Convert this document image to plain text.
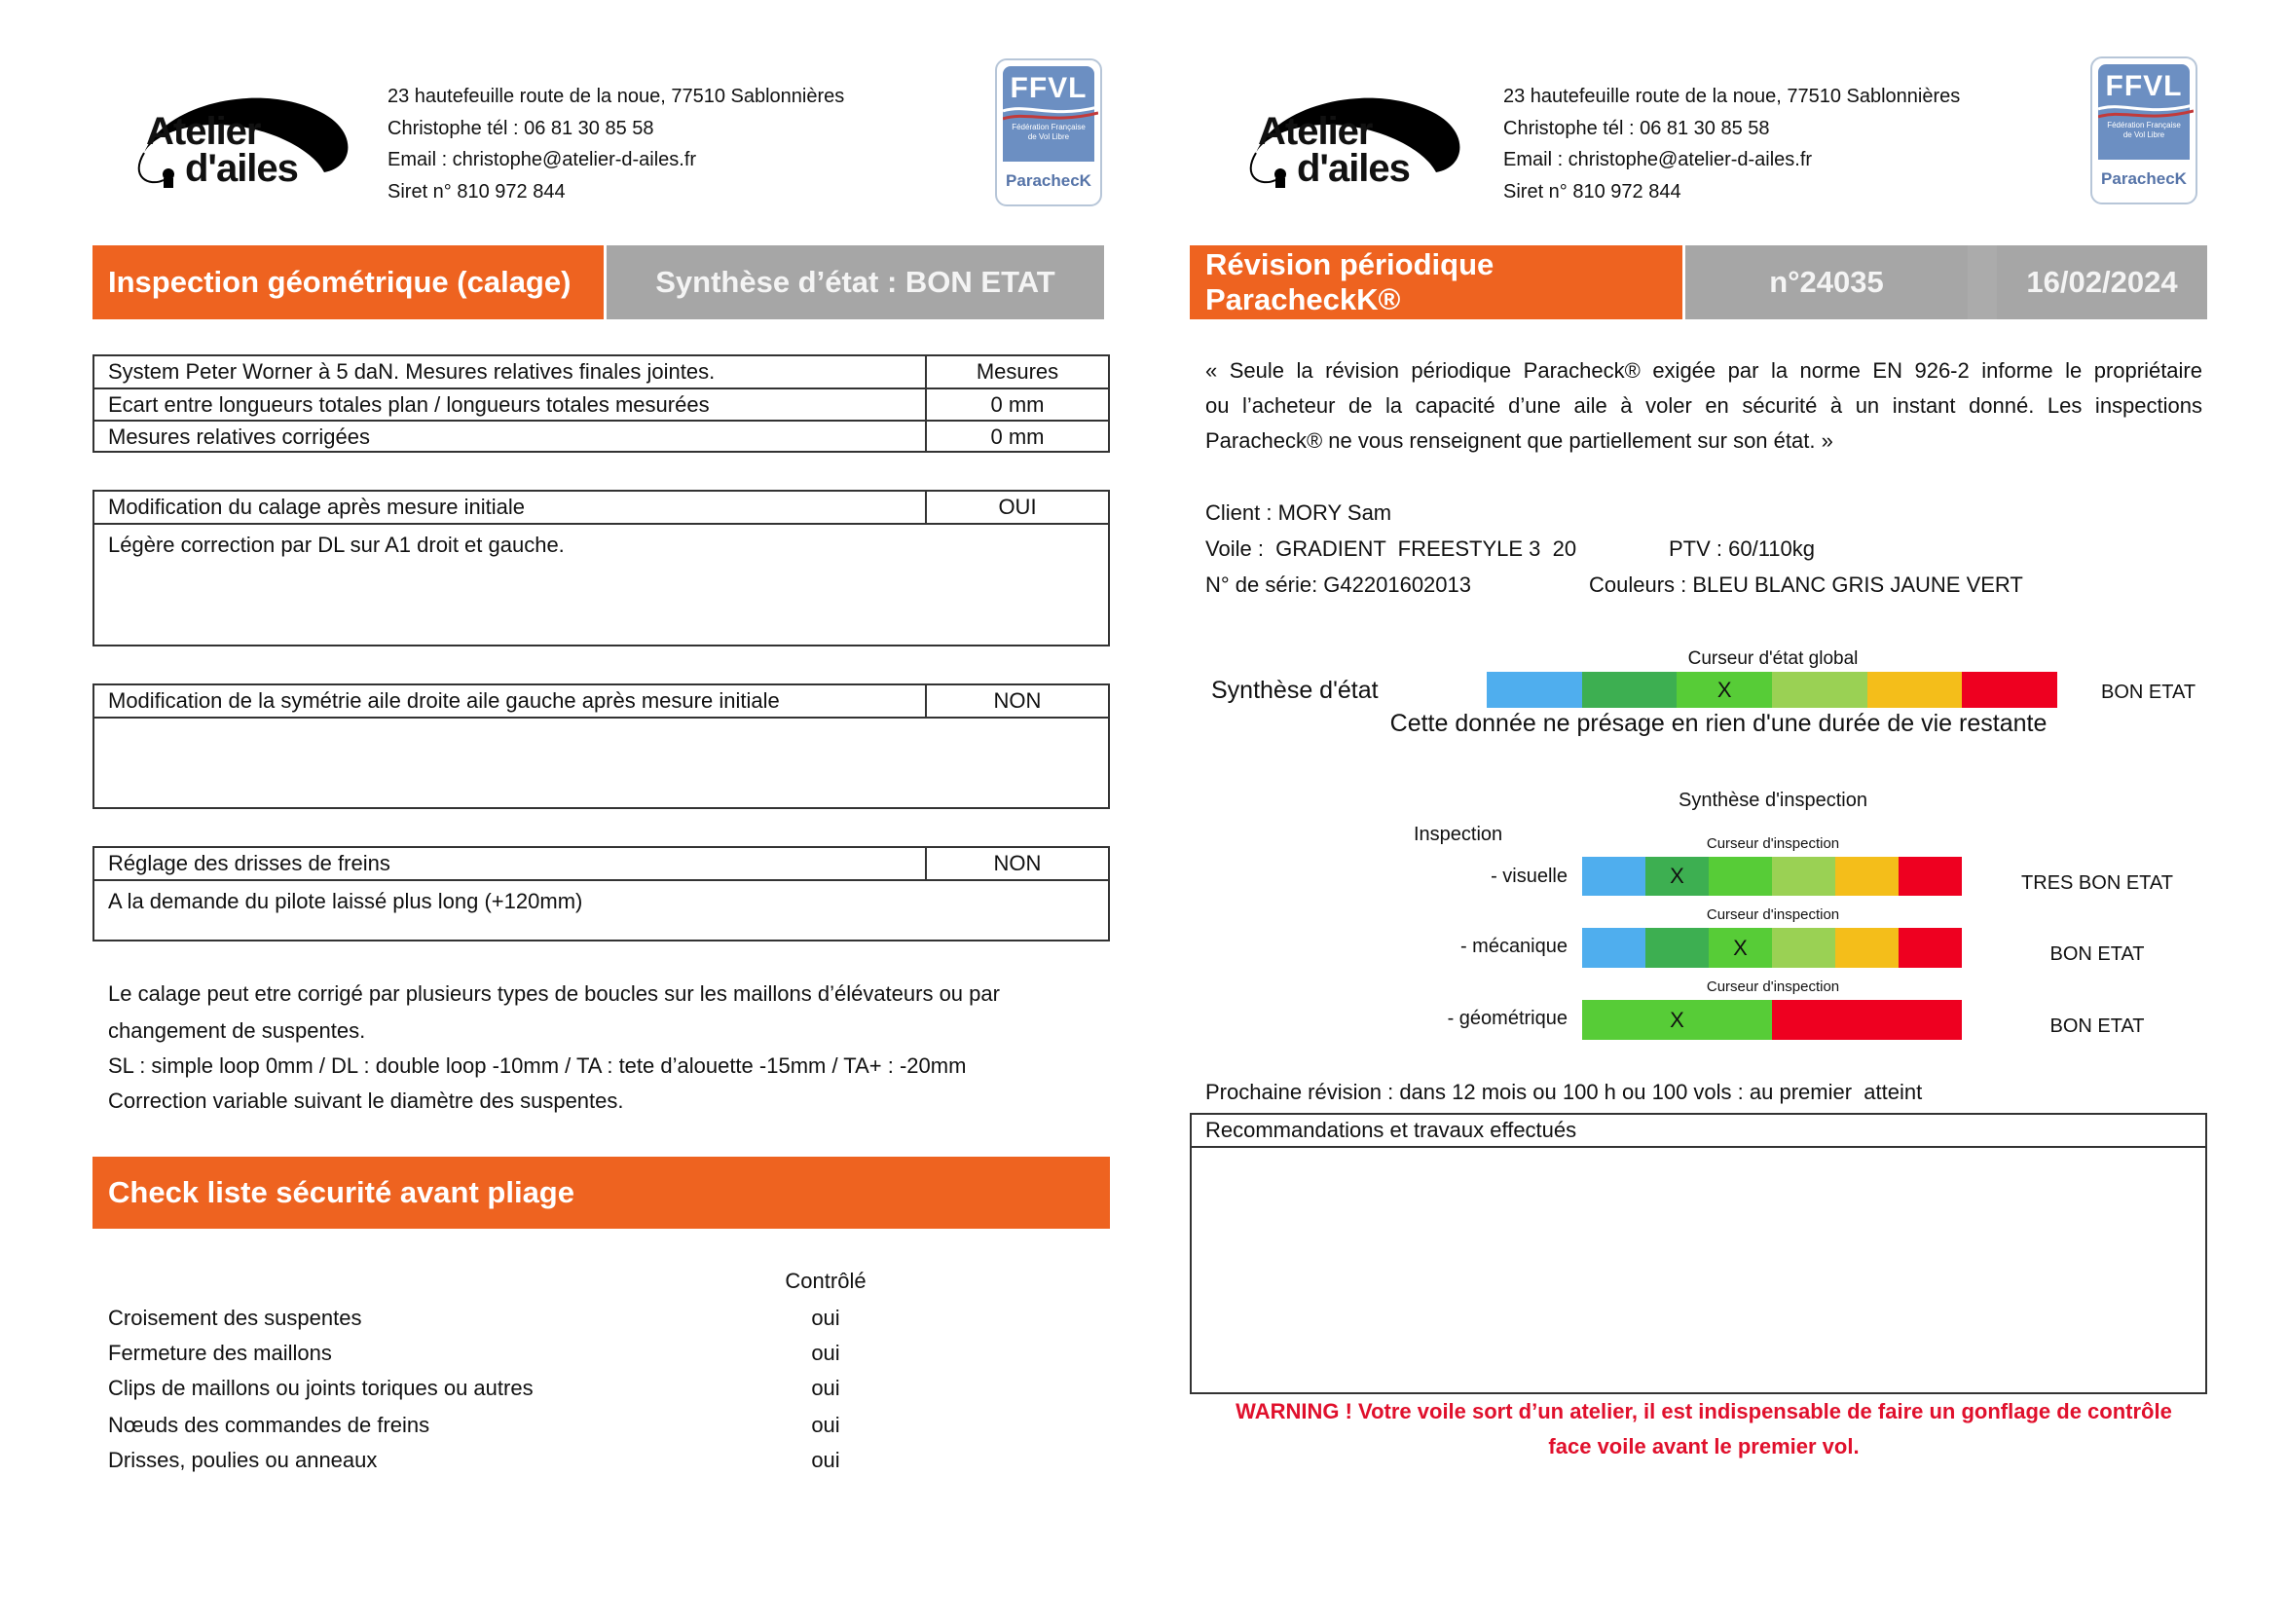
Atelier
d'ailes
23 hautefeuille route de la noue, 77510 Sablonnières
Christophe tél : 06 81 30 85 58
Email : christophe@atelier-d-ailes.fr
Siret n° 810 972 844
FFVL
Fédération Française
de Vol Libre
ParachecK
Inspection géométrique (calage)	Synthèse d’état : BON ETAT
System Peter Worner à 5 daN. Mesures relatives finales jointes.	Mesures
Ecart entre longueurs totales plan / longueurs totales mesurées	0 mm
Mesures relatives corrigées	0 mm
Modification du calage après mesure initiale	OUI
Légère correction par DL sur A1 droit et gauche.
Modification de la symétrie aile droite aile gauche après mesure initiale	NON
Réglage des drisses de freins	NON
A la demande du pilote laissé plus long (+120mm)
Le calage peut etre corrigé par plusieurs types de boucles sur les maillons d’élévateurs ou par
changement de suspentes.
SL : simple loop 0mm / DL : double loop -10mm / TA : tete d’alouette -15mm / TA+ : -20mm
Correction variable suivant le diamètre des suspentes.
Check liste sécurité avant pliage
Contrôlé
Croisement des suspentes	oui
Fermeture des maillons	oui
Clips de maillons ou joints toriques ou autres	oui
Nœuds des commandes de freins	oui
Drisses, poulies ou anneaux	oui
Atelier
d'ailes
23 hautefeuille route de la noue, 77510 Sablonnières
Christophe tél : 06 81 30 85 58
Email : christophe@atelier-d-ailes.fr
Siret n° 810 972 844
FFVL
Fédération Française
de Vol Libre
ParachecK
Révision périodique ParacheckK®
n°24035	16/02/2024
« Seule la révision périodique Paracheck® exigée par la norme EN 926-2 informe le propriétaire
ou l’acheteur de la capacité d’une aile à voler en sécurité à un instant donné. Les inspections
Paracheck® ne vous renseignent que partiellement sur son état. »
Client : MORY Sam
Voile :  GRADIENT  FREESTYLE 3  20	PTV : 60/110kg
N° de série: G42201602013	Couleurs : BLEU BLANC GRIS JAUNE VERT
Curseur d'état global
Synthèse d'état	X	BON ETAT
Cette donnée ne présage en rien d'une durée de vie restante
Synthèse d'inspection
Inspection	Curseur d'inspection
- visuelle	X	TRES BON ETAT
Curseur d'inspection
- mécanique	X	BON ETAT
Curseur d'inspection
- géométrique	X	BON ETAT
Prochaine révision : dans 12 mois ou 100 h ou 100 vols : au premier  atteint
Recommandations et travaux effectués
WARNING ! Votre voile sort d’un atelier, il est indispensable de faire un gonflage de contrôle
face voile avant le premier vol.
